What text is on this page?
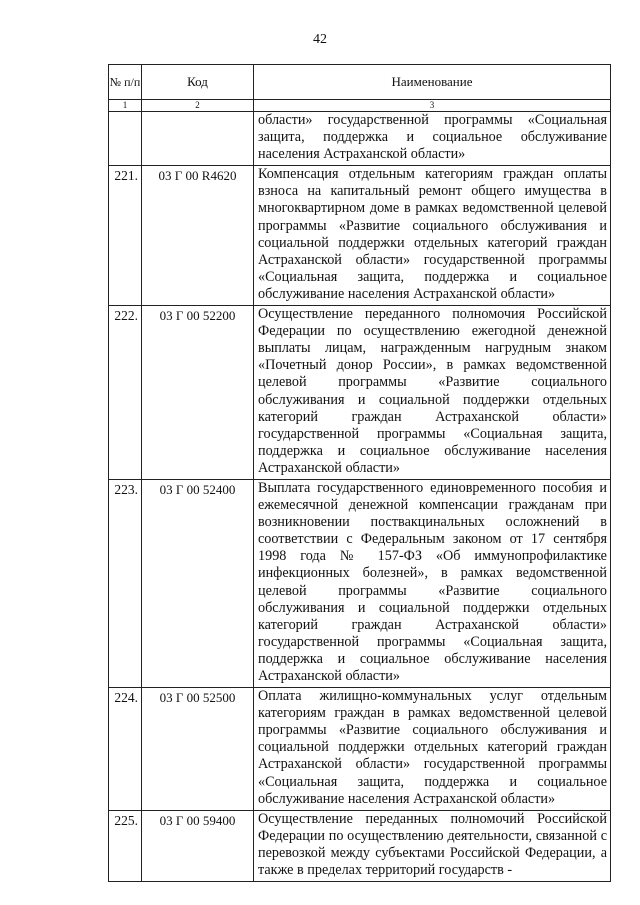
42
№ п/п	Код	Наименование
1	2	3
		области» государственной программы «Социальная защита, поддержка и социальное обслуживание населения Астраханской области»
221.	03 Г 00 R4620	Компенсация отдельным категориям граждан оплаты взноса на капитальный ремонт общего имущества в многоквартирном доме в рамках ведомственной целевой программы «Развитие социального обслуживания и социальной поддержки отдельных категорий граждан Астраханской области» государственной программы «Социальная защита, поддержка и социальное обслуживание населения Астраханской области»
222.	03 Г 00 52200	Осуществление переданного полномочия Российской Федерации по осуществлению ежегодной денежной выплаты лицам, награжденным нагрудным знаком «Почетный донор России», в рамках ведомственной целевой программы «Развитие социального обслуживания и социальной поддержки отдельных категорий граждан Астраханской области» государственной программы «Социальная защита, поддержка и социальное обслуживание населения Астраханской области»
223.	03 Г 00 52400	Выплата государственного единовременного пособия и ежемесячной денежной компенсации гражданам при возникновении поствакцинальных осложнений в соответствии с Федеральным законом от 17 сентября 1998 года № 157-ФЗ «Об иммунопрофилактике инфекционных болезней», в рамках ведомственной целевой программы «Развитие социального обслуживания и социальной поддержки отдельных категорий граждан Астраханской области» государственной программы «Социальная защита, поддержка и социальное обслуживание населения Астраханской области»
224.	03 Г 00 52500	Оплата жилищно-коммунальных услуг отдельным категориям граждан в рамках ведомственной целевой программы «Развитие социального обслуживания и социальной поддержки отдельных категорий граждан Астраханской области» государственной программы «Социальная защита, поддержка и социальное обслуживание населения Астраханской области»
225.	03 Г 00 59400	Осуществление переданных полномочий Российской Федерации по осуществлению деятельности, связанной с перевозкой между субъектами Российской Федерации, а также в пределах территорий государств -
